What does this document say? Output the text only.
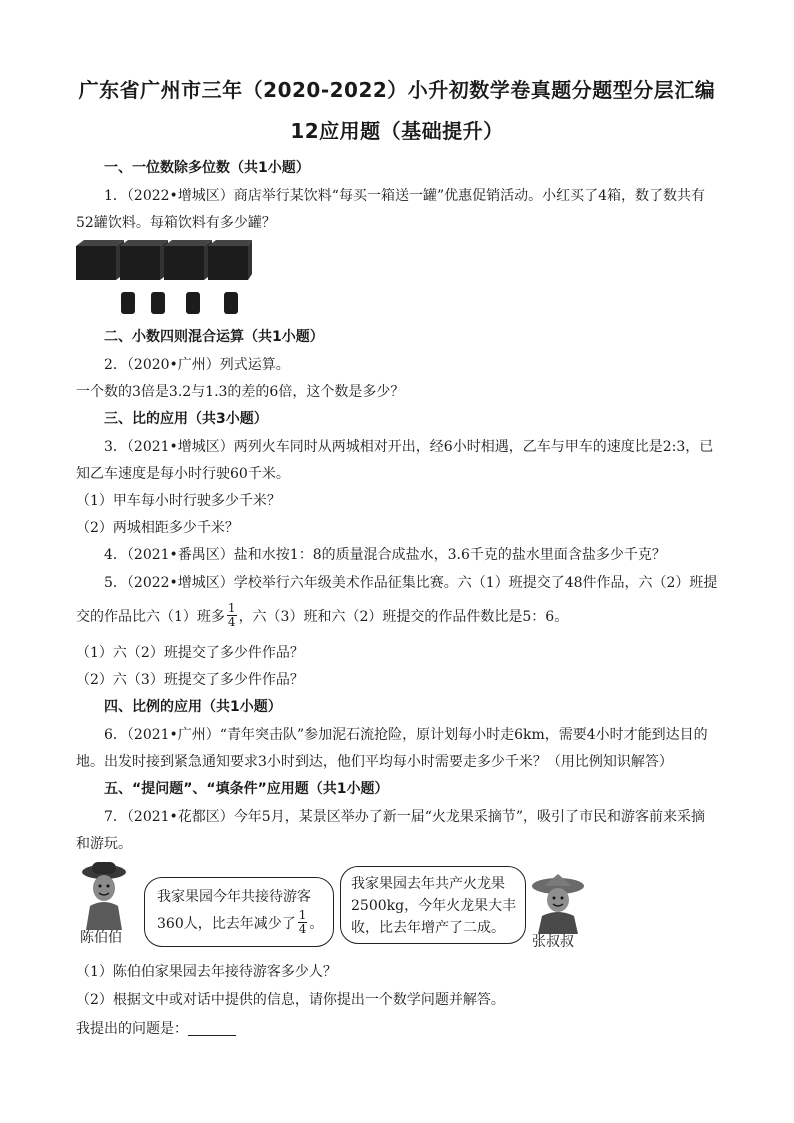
广东省广州市三年（2020-2022）小升初数学卷真题分题型分层汇编
12应用题（基础提升）
一、一位数除多位数（共1小题）
1．（2022•增城区）商店举行某饮料“每买一箱送一罐”优惠促销活动。小红买了4箱，数了数共有
52罐饮料。每箱饮料有多少罐？
二、小数四则混合运算（共1小题）
2．（2020•广州）列式运算。
一个数的3倍是3.2与1.3的差的6倍，这个数是多少？
三、比的应用（共3小题）
3．（2021•增城区）两列火车同时从两城相对开出，经6小时相遇，乙车与甲车的速度比是2:3，已
知乙车速度是每小时行驶60千米。
（1）甲车每小时行驶多少千米？
（2）两城相距多少千米？
4．（2021•番禺区）盐和水按1：8的质量混合成盐水，3.6千克的盐水里面含盐多少千克？
5．（2022•增城区）学校举行六年级美术作品征集比赛。六（1）班提交了48件作品，六（2）班提
交的作品比六（1）班多 $\frac{1}{4}$ ，六（3）班和六（2）班提交的作品件数比是5：6。
（1）六（2）班提交了多少件作品？
（2）六（3）班提交了多少件作品？
四、比例的应用（共1小题）
6．（2021•广州）“青年突击队”参加泥石流抢险，原计划每小时走6km，需要4小时才能到达目的
地。出发时接到紧急通知要求3小时到达，他们平均每小时需要走多少千米？（用比例知识解答）
五、“提问题”、“填条件”应用题（共1小题）
7．（2021•花都区）今年5月，某景区举办了新一届“火龙果采摘节”，吸引了市民和游客前来采摘
和游玩。
陈伯伯
我家果园今年共接待游客
360人，比去年减少了 $\frac{1}{4}$ 。
我家果园去年共产火龙果
2500kg，今年火龙果大丰
收，比去年增产了二成。
张叔叔
（1）陈伯伯家果园去年接待游客多少人？
（2）根据文中或对话中提供的信息，请你提出一个数学问题并解答。
我提出的问题是：
